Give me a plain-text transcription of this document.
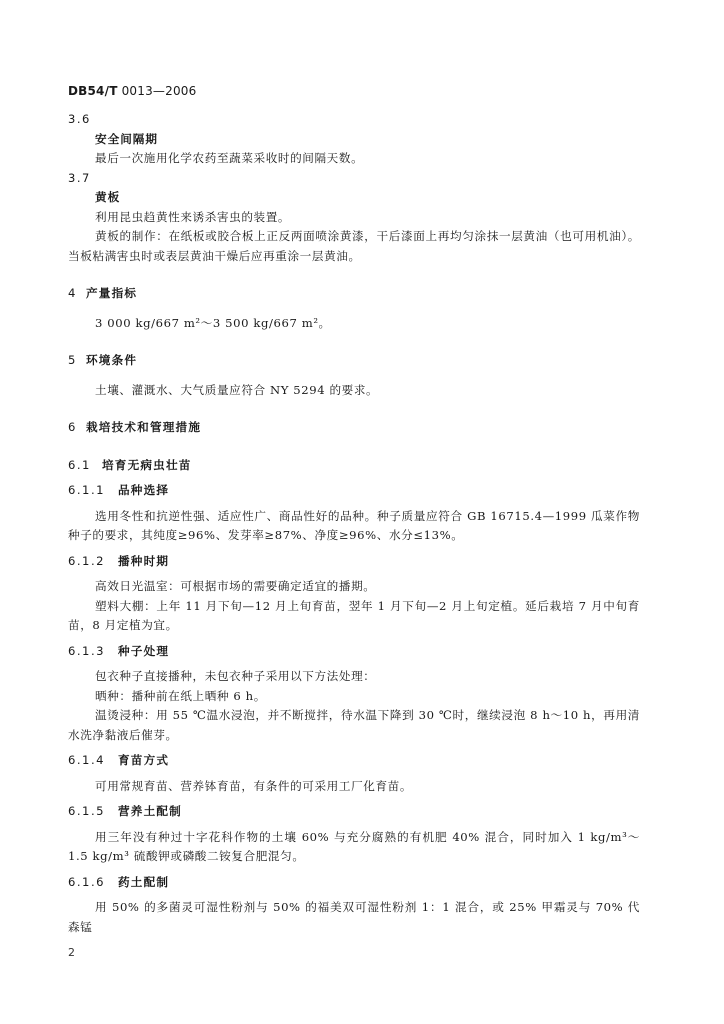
DB54/T 0013—2006
3.6
安全间隔期
最后一次施用化学农药至蔬菜采收时的间隔天数。
3.7
黄板
利用昆虫趋黄性来诱杀害虫的装置。
黄板的制作：在纸板或胶合板上正反两面喷涂黄漆，干后漆面上再均匀涂抹一层黄油（也可用机油）。当板粘满害虫时或表层黄油干燥后应再重涂一层黄油。
4 产量指标
3 000 kg/667 m²～3 500 kg/667 m²。
5 环境条件
土壤、灌溉水、大气质量应符合 NY 5294 的要求。
6 栽培技术和管理措施
6.1 培育无病虫壮苗
6.1.1 品种选择
选用冬性和抗逆性强、适应性广、商品性好的品种。种子质量应符合 GB 16715.4—1999 瓜菜作物种子的要求，其纯度≥96%、发芽率≥87%、净度≥96%、水分≤13%。
6.1.2 播种时期
高效日光温室：可根据市场的需要确定适宜的播期。
塑料大棚：上年 11 月下旬—12 月上旬育苗，翌年 1 月下旬—2 月上旬定植。延后栽培 7 月中旬育苗，8 月定植为宜。
6.1.3 种子处理
包衣种子直接播种，未包衣种子采用以下方法处理：
晒种：播种前在纸上晒种 6 h。
温烫浸种：用 55 ℃温水浸泡，并不断搅拌，待水温下降到 30 ℃时，继续浸泡 8 h～10 h，再用清水洗净黏液后催芽。
6.1.4 育苗方式
可用常规育苗、营养钵育苗，有条件的可采用工厂化育苗。
6.1.5 营养土配制
用三年没有种过十字花科作物的土壤 60% 与充分腐熟的有机肥 40% 混合，同时加入 1 kg/m³～1.5 kg/m³ 硫酸钾或磷酸二铵复合肥混匀。
6.1.6 药土配制
用 50% 的多菌灵可湿性粉剂与 50% 的福美双可湿性粉剂 1：1 混合，或 25% 甲霜灵与 70% 代森锰
2
